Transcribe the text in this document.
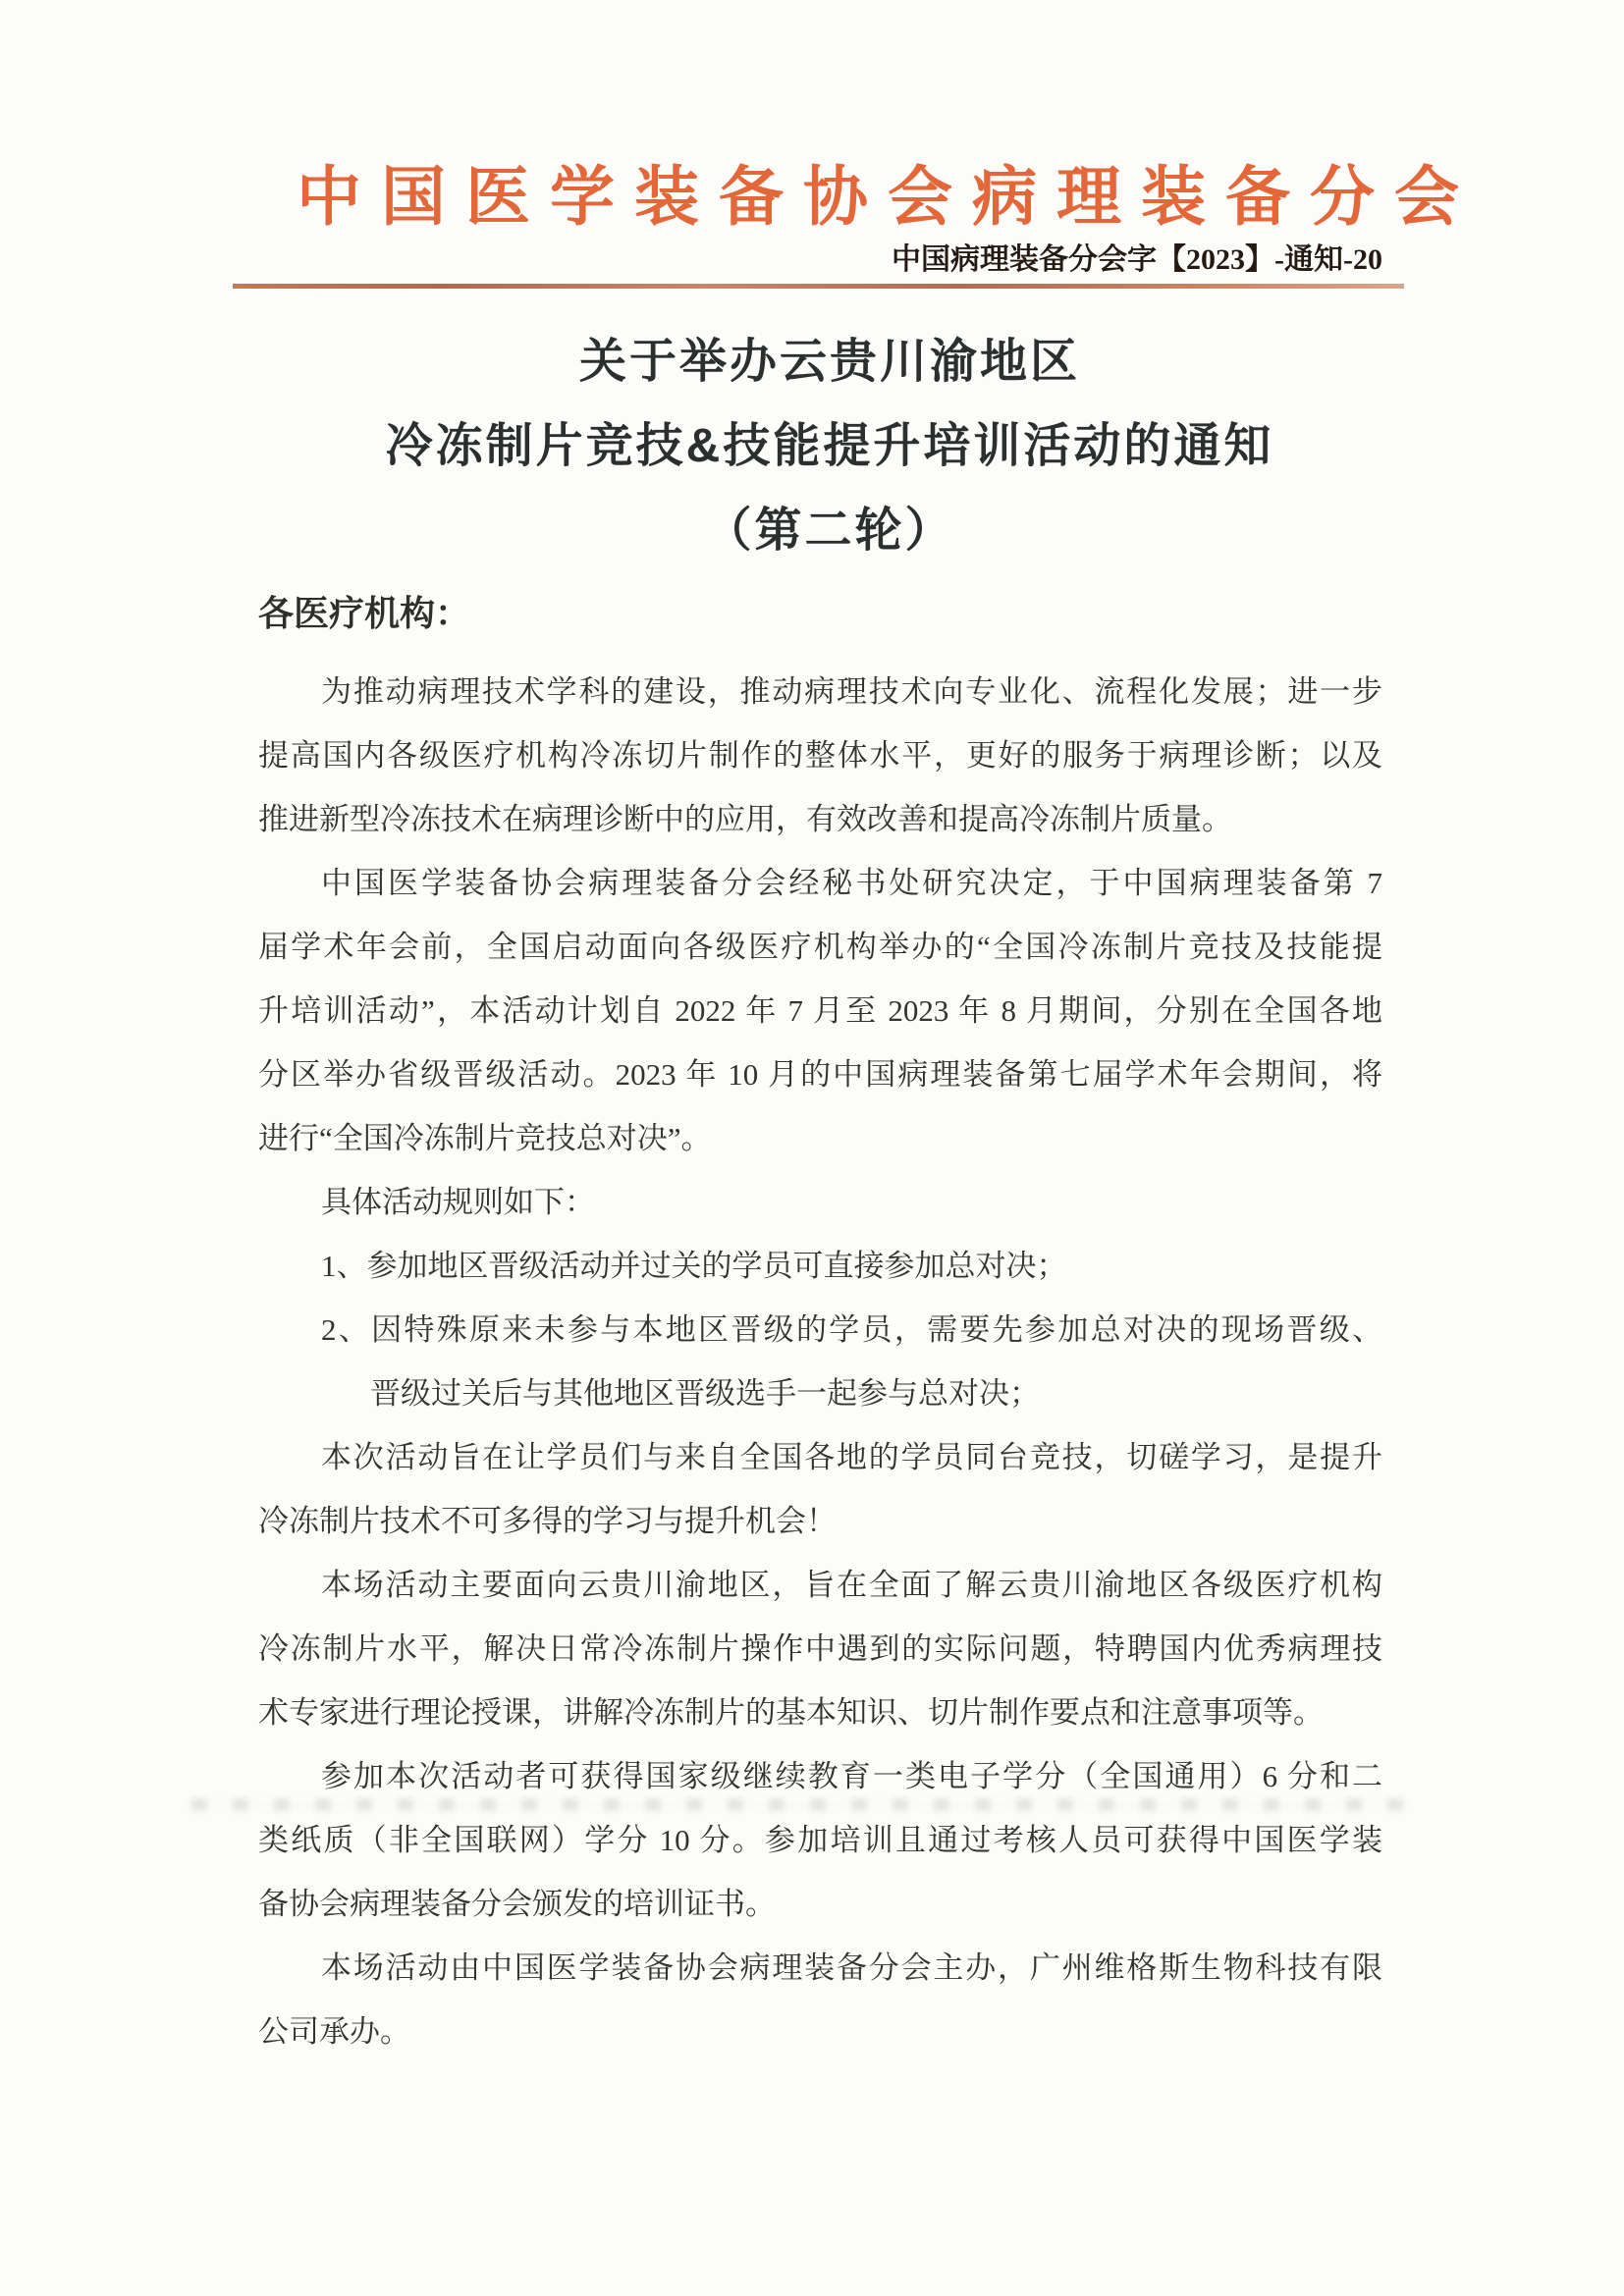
中国医学装备协会病理装备分会
中国病理装备分会字【2023】-通知-20
关于举办云贵川渝地区
冷冻制片竞技&技能提升培训活动的通知
（第二轮）
各医疗机构：
为推动病理技术学科的建设，推动病理技术向专业化、流程化发展；进一步
提高国内各级医疗机构冷冻切片制作的整体水平，更好的服务于病理诊断；以及
推进新型冷冻技术在病理诊断中的应用，有效改善和提高冷冻制片质量。
中国医学装备协会病理装备分会经秘书处研究决定，于中国病理装备第 7
届学术年会前，全国启动面向各级医疗机构举办的“全国冷冻制片竞技及技能提
升培训活动”，本活动计划自 2022 年 7 月至 2023 年 8 月期间，分别在全国各地
分区举办省级晋级活动。2023 年 10 月的中国病理装备第七届学术年会期间，将
进行“全国冷冻制片竞技总对决”。
具体活动规则如下：
1、参加地区晋级活动并过关的学员可直接参加总对决；
2、因特殊原来未参与本地区晋级的学员，需要先参加总对决的现场晋级、
晋级过关后与其他地区晋级选手一起参与总对决；
本次活动旨在让学员们与来自全国各地的学员同台竞技，切磋学习，是提升
冷冻制片技术不可多得的学习与提升机会！
本场活动主要面向云贵川渝地区，旨在全面了解云贵川渝地区各级医疗机构
冷冻制片水平，解决日常冷冻制片操作中遇到的实际问题，特聘国内优秀病理技
术专家进行理论授课，讲解冷冻制片的基本知识、切片制作要点和注意事项等。
参加本次活动者可获得国家级继续教育一类电子学分（全国通用）6 分和二
类纸质（非全国联网）学分 10 分。参加培训且通过考核人员可获得中国医学装
备协会病理装备分会颁发的培训证书。
本场活动由中国医学装备协会病理装备分会主办，广州维格斯生物科技有限
公司承办。
